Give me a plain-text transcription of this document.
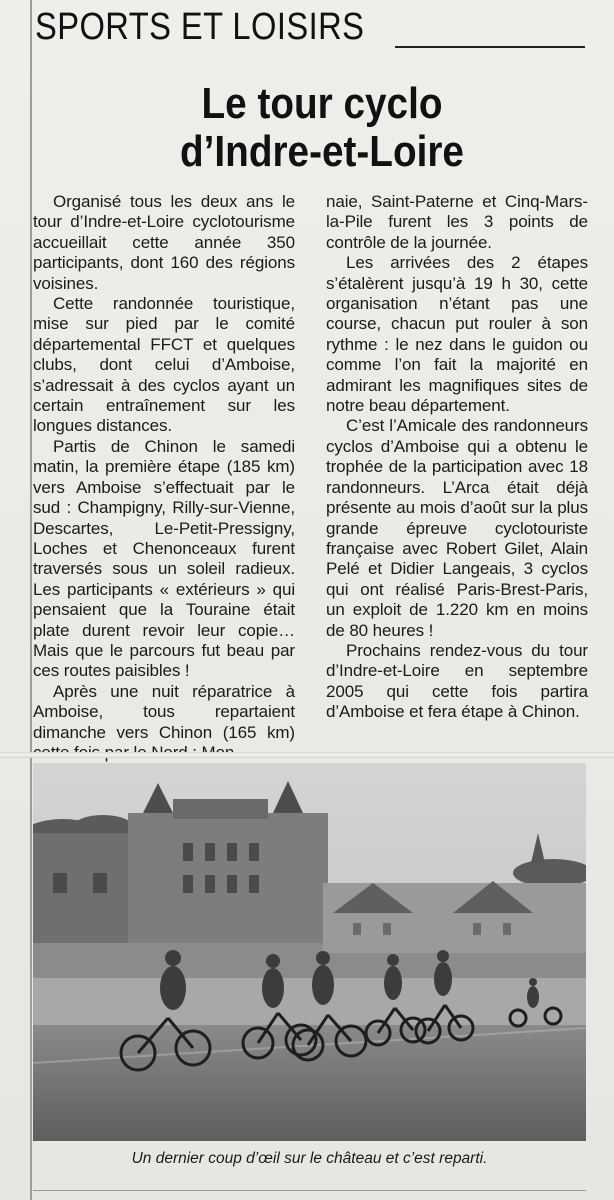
SPORTS ET LOISIRS
Le tour cyclo
d’Indre-et-Loire

Organisé tous les deux ans le tour d’Indre-et-Loire cyclotourisme accueillait cette année 350 participants, dont 160 des régions voisines.

Cette randonnée touristique, mise sur pied par le comité départemental FFCT et quelques clubs, dont celui d’Amboise, s’adressait à des cyclos ayant un certain entraînement sur les longues distances.

Partis de Chinon le samedi matin, la première étape (185 km) vers Amboise s’effectuait par le sud : Champigny, Rilly-sur-Vienne, Descartes, Le-Petit-Pressigny, Loches et Chenonceaux furent traversés sous un soleil radieux. Les participants « extérieurs » qui pensaient que la Touraine était plate durent revoir leur copie… Mais que le parcours fut beau par ces routes paisibles !

Après une nuit réparatrice à Amboise, tous repartaient dimanche vers Chinon (165 km)

naie, Saint-Paterne et Cinq-Mars-la-Pile furent les 3 points de contrôle de la journée.

Les arrivées des 2 étapes s’étalèrent jusqu’à 19 h 30, cette organisation n’étant pas une course, chacun put rouler à son rythme : le nez dans le guidon ou comme l’on fait la majorité en admirant les magnifiques sites de notre beau département.

C’est l’Amicale des randonneurs cyclos d’Amboise qui a obtenu le trophée de la participation avec 18 randonneurs. L’Arca était déjà présente au mois d’août sur la plus grande épreuve cyclotouriste française avec Robert Gilet, Alain Pelé et Didier Langeais, 3 cyclos qui ont réalisé Paris-Brest-Paris, un exploit de 1.220 km en moins de 80 heures !

Prochains rendez-vous du tour d’Indre-et-Loire en septembre 2005 qui cette fois partira d’Amboise et fera étape à Chinon.

Un dernier coup d’œil sur le château et c’est reparti.
